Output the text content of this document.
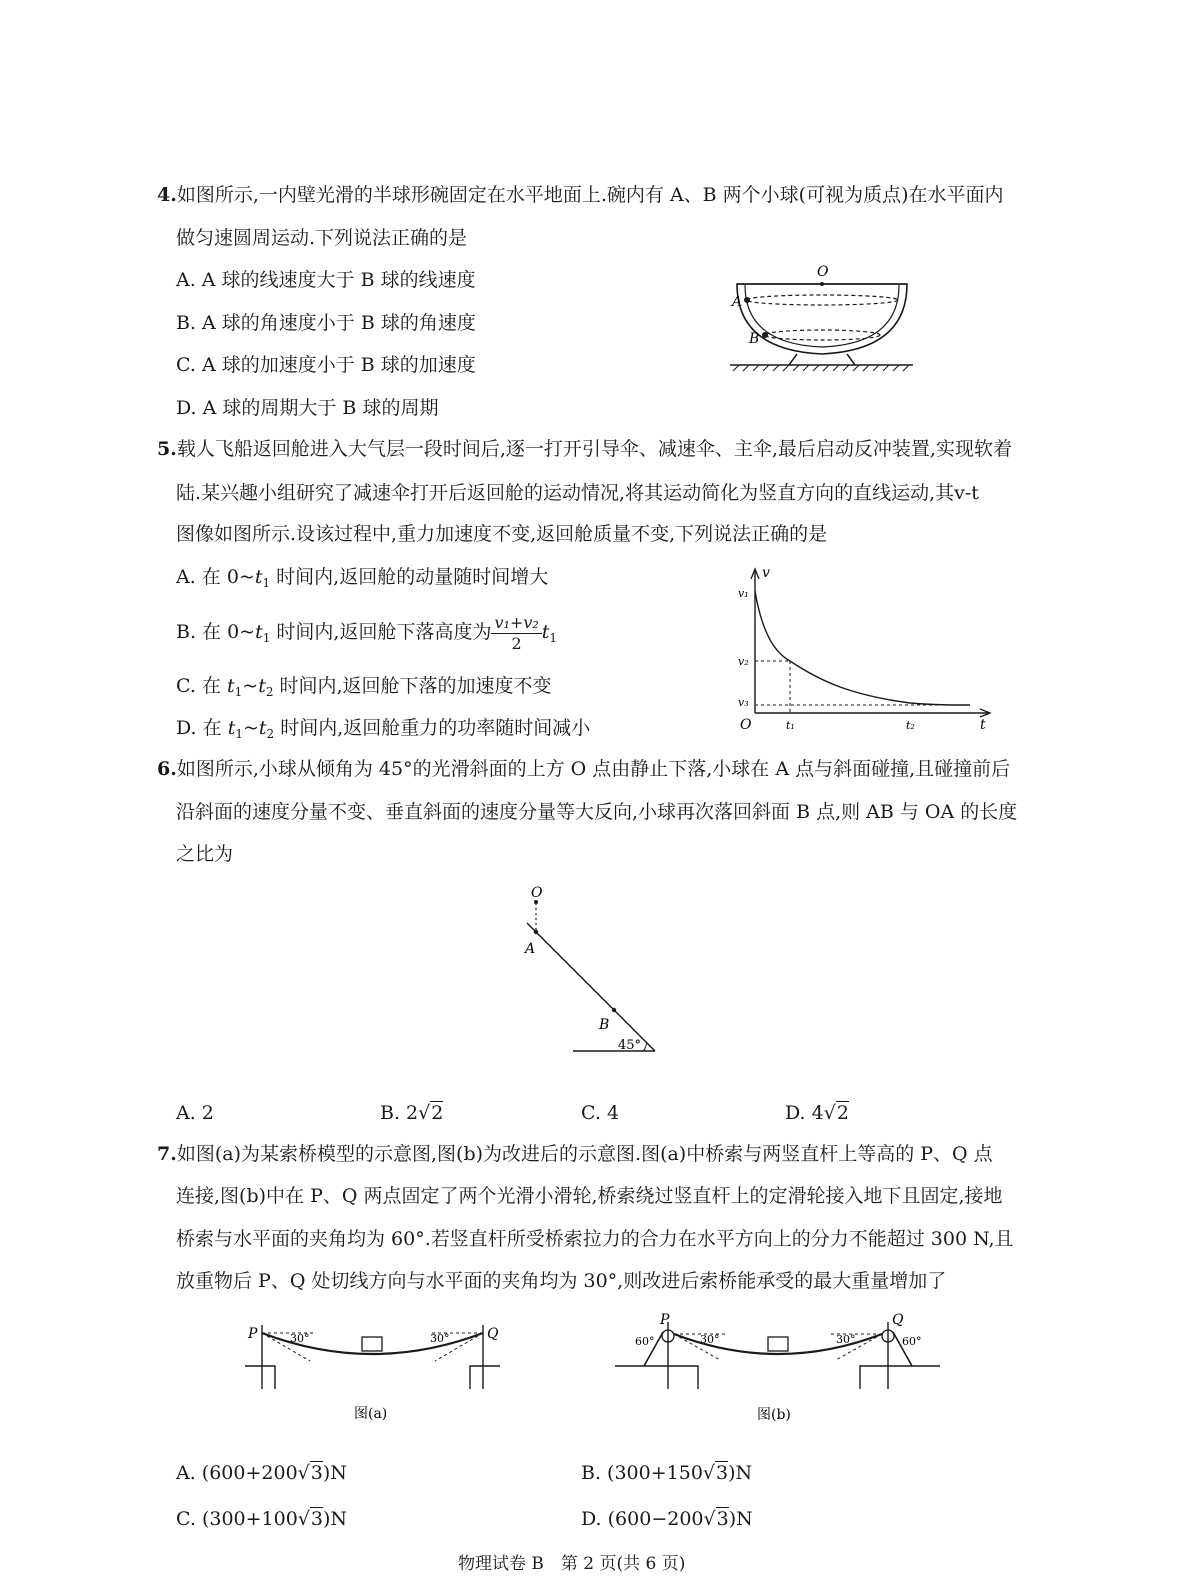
4.如图所示,一内壁光滑的半球形碗固定在水平地面上.碗内有 A、B 两个小球(可视为质点)在水平面内
做匀速圆周运动.下列说法正确的是
A. A 球的线速度大于 B 球的线速度
B. A 球的角速度小于 B 球的角速度
C. A 球的加速度小于 B 球的加速度
D. A 球的周期大于 B 球的周期
O
A
B
5.载人飞船返回舱进入大气层一段时间后,逐一打开引导伞、减速伞、主伞,最后启动反冲装置,实现软着
陆.某兴趣小组研究了减速伞打开后返回舱的运动情况,将其运动简化为竖直方向的直线运动,其v-t
图像如图所示.设该过程中,重力加速度不变,返回舱质量不变,下列说法正确的是
A. 在 $0\sim t_1$ 时间内,返回舱的动量随时间增大
B. 在 $0\sim t_1$ 时间内,返回舱下落高度为 $\frac{\text{v₁+v₂}}{2} t_1$
C. 在 $t_1\sim t_2$ 时间内,返回舱下落的加速度不变
D. 在 $t_1\sim t_2$ 时间内,返回舱重力的功率随时间减小
v
t
O
v₁
v₂
v₃
t₁	t₂
6.如图所示,小球从倾角为 45°的光滑斜面的上方 O 点由静止下落,小球在 A 点与斜面碰撞,且碰撞前后
沿斜面的速度分量不变、垂直斜面的速度分量等大反向,小球再次落回斜面 B 点,则 AB 与 OA 的长度
之比为
O
A
B
45°
A. 2	B. 2√2	C. 4	D. 4√2
7.如图(a)为某索桥模型的示意图,图(b)为改进后的示意图.图(a)中桥索与两竖直杆上等高的 P、Q 点
连接,图(b)中在 P、Q 两点固定了两个光滑小滑轮,桥索绕过竖直杆上的定滑轮接入地下且固定,接地
桥索与水平面的夹角均为 60°.若竖直杆所受桥索拉力的合力在水平方向上的分力不能超过 300 N,且
放重物后 P、Q 处切线方向与水平面的夹角均为 30°,则改进后索桥能承受的最大重量增加了
P	Q
30°	30°
图(a)
P	Q
60°	30°	30°	60°
图(b)
A. (600+200√3)N	B. (300+150√3)N
C. (300+100√3)N	D. (600−200√3)N
物理试卷 B　第 2 页(共 6 页)
